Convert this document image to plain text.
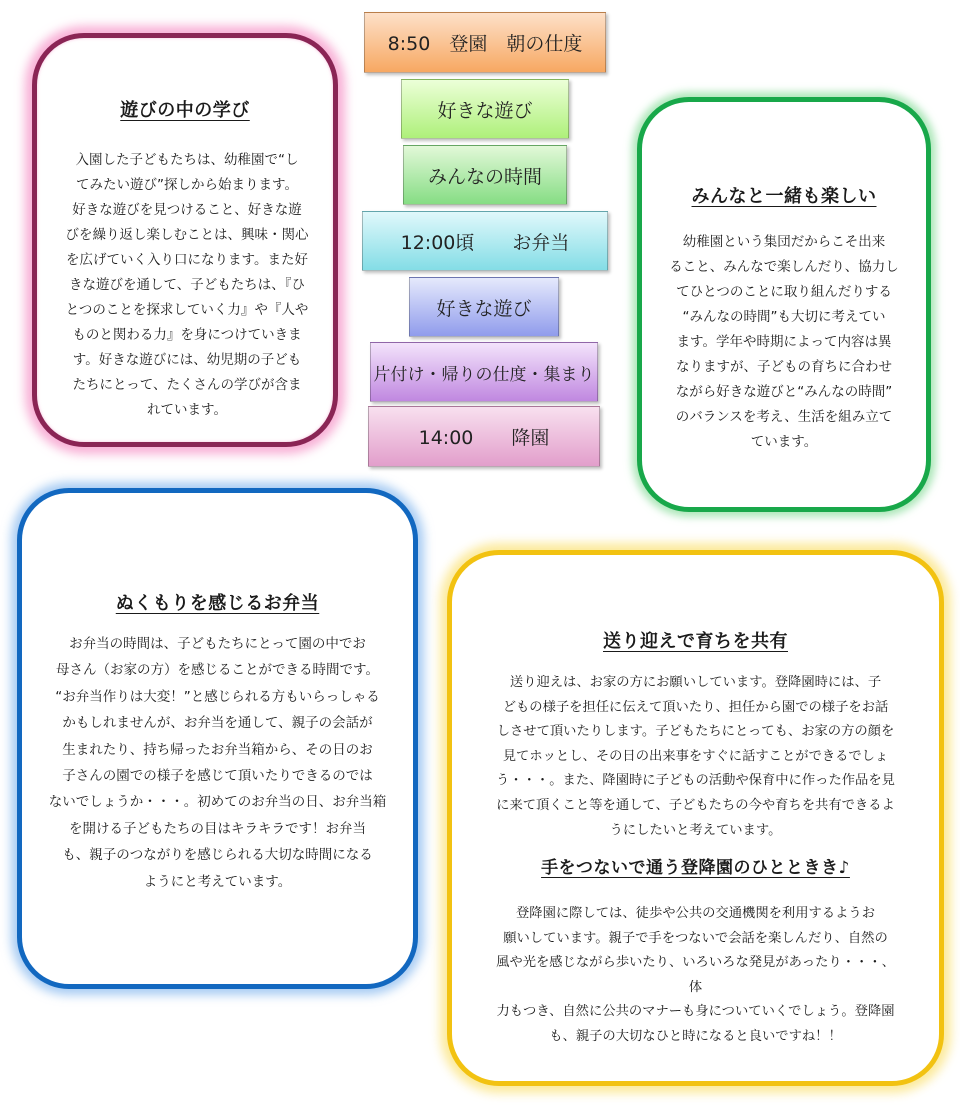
8:50　登園　朝の仕度
好きな遊び
みんなの時間
12:00頃　　お弁当
好きな遊び
片付け・帰りの仕度・集まり
14:00　　降園
遊びの中の学び
入園した子どもたちは、幼稚園で“し
てみたい遊び”探しから始まります。
好きな遊びを見つけること、好きな遊
びを繰り返し楽しむことは、興味・関心
を広げていく入り口になります。また好
きな遊びを通して、子どもたちは、『ひ
とつのことを探求していく力』や『人や
ものと関わる力』を身につけていきま
す。好きな遊びには、幼児期の子ども
たちにとって、たくさんの学びが含ま
れています。
みんなと一緒も楽しい
幼稚園という集団だからこそ出来
ること、みんなで楽しんだり、協力し
てひとつのことに取り組んだりする
“みんなの時間”も大切に考えてい
ます。学年や時期によって内容は異
なりますが、子どもの育ちに合わせ
ながら好きな遊びと“みんなの時間”
のバランスを考え、生活を組み立て
ています。
ぬくもりを感じるお弁当
お弁当の時間は、子どもたちにとって園の中でお
母さん（お家の方）を感じることができる時間です。
“お弁当作りは大変！”と感じられる方もいらっしゃる
かもしれませんが、お弁当を通して、親子の会話が
生まれたり、持ち帰ったお弁当箱から、その日のお
子さんの園での様子を感じて頂いたりできるのでは
ないでしょうか・・・。初めてのお弁当の日、お弁当箱
を開ける子どもたちの目はキラキラです！お弁当
も、親子のつながりを感じられる大切な時間になる
ようにと考えています。
送り迎えで育ちを共有
送り迎えは、お家の方にお願いしています。登降園時には、子
どもの様子を担任に伝えて頂いたり、担任から園での様子をお話
しさせて頂いたりします。子どもたちにとっても、お家の方の顔を
見てホッとし、その日の出来事をすぐに話すことができるでしょ
う・・・。また、降園時に子どもの活動や保育中に作った作品を見
に来て頂くこと等を通して、子どもたちの今や育ちを共有できるよ
うにしたいと考えています。
手をつないで通う登降園のひとときき♪
登降園に際しては、徒歩や公共の交通機関を利用するようお
願いしています。親子で手をつないで会話を楽しんだり、自然の
風や光を感じながら歩いたり、いろいろな発見があったり・・・、体
力もつき、自然に公共のマナーも身についていくでしょう。登降園
も、親子の大切なひと時になると良いですね！！
